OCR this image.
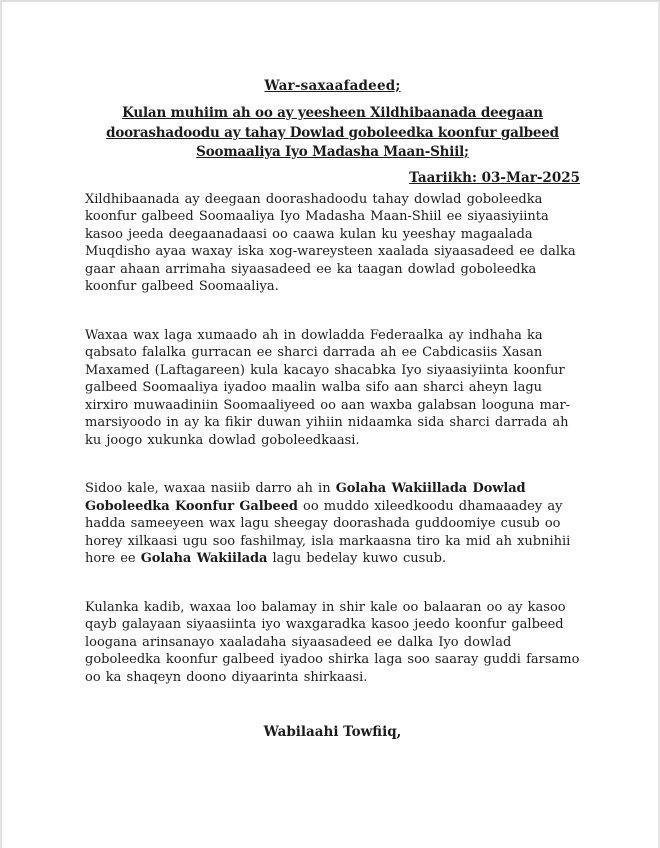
War-saxaafadeed;
Kulan muhiim ah oo ay yeesheen Xildhibaanada deegaan doorashadoodu ay tahay Dowlad goboleedka koonfur galbeed Soomaaliya Iyo Madasha Maan-Shiil;
Taariikh: 03-Mar-2025

Xildhibaanada ay deegaan doorashadoodu tahay dowlad goboleedka koonfur galbeed Soomaaliya Iyo Madasha Maan-Shiil ee siyaasiyiinta kasoo jeeda deegaanadaasi oo caawa kulan ku yeeshay magaalada Muqdisho ayaa waxay iska xog-wareysteen xaalada siyaasadeed ee dalka gaar ahaan arrimaha siyaasadeed ee ka taagan dowlad goboleedka koonfur galbeed Soomaaliya.

Waxaa wax laga xumaado ah in dowladda Federaalka ay indhaha ka qabsato falalka gurracan ee sharci darrada ah ee Cabdicasiis Xasan Maxamed (Laftagareen) kula kacayo shacabka Iyo siyaasiyiinta koonfur galbeed Soomaaliya iyadoo maalin walba sifo aan sharci aheyn lagu xirxiro muwaadiniin Soomaaliyeed oo aan waxba galabsan looguna mar-marsiyoodo in ay ka fikir duwan yihiin nidaamka sida sharci darrada ah ku joogo xukunka dowlad goboleedkaasi.

Sidoo kale, waxaa nasiib darro ah in Golaha Wakiillada Dowlad Goboleedka Koonfur Galbeed oo muddo xileedkoodu dhamaaadey ay hadda sameeyeen wax lagu sheegay doorashada guddoomiye cusub oo horey xilkaasi ugu soo fashilmay, isla markaasna tiro ka mid ah xubnihii hore ee Golaha Wakiilada lagu bedelay kuwo cusub.

Kulanka kadib, waxaa loo balamay in shir kale oo balaaran oo ay kasoo qayb galayaan siyaasiinta iyo waxgaradka kasoo jeedo koonfur galbeed loogana arinsanayo xaaladaha siyaasadeed ee dalka Iyo dowlad goboleedka koonfur galbeed iyadoo shirka laga soo saaray guddi farsamo oo ka shaqeyn doono diyaarinta shirkaasi.

Wabilaahi Towfiiq,
